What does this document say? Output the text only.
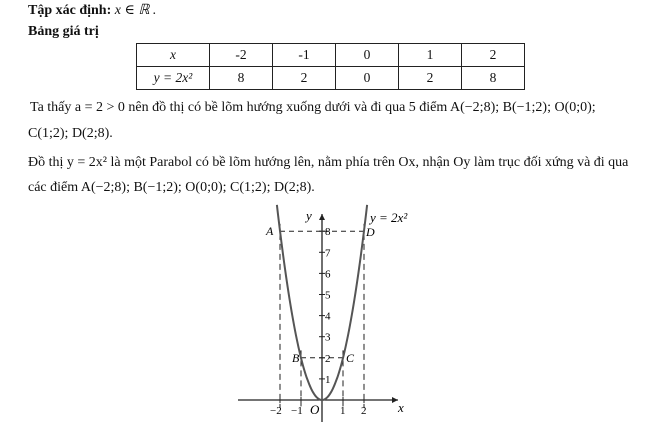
Tập xác định: x ∈ ℝ .
Bảng giá trị
x	-2	-1	0	1	2
y = 2x²	8	2	0	2	8
Ta thấy a = 2 > 0 nên đồ thị có bề lõm hướng xuống dưới và đi qua 5 điểm A(−2;8); B(−1;2); O(0;0);
C(1;2); D(2;8).
Đồ thị y = 2x² là một Parabol có bề lõm hướng lên, nằm phía trên Ox, nhận Oy làm trục đối xứng và đi qua
các điểm A(−2;8); B(−1;2); O(0;0); C(1;2); D(2;8).
1
2
3
4
5
6
7
8
−2 −1	1 2
A
B	C
D
y = 2x²
x
y
O
